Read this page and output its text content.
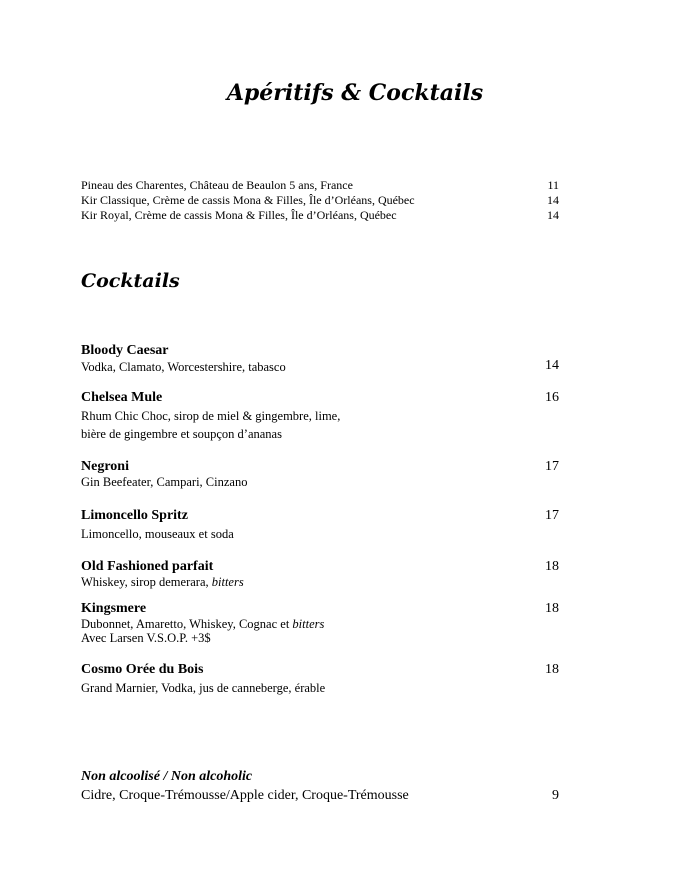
Apéritifs & Cocktails
Pineau des Charentes, Château de Beaulon 5 ans, France	11
Kir Classique, Crème de cassis Mona & Filles, Île d’Orléans, Québec	14
Kir Royal, Crème de cassis Mona & Filles, Île d’Orléans, Québec	14
Cocktails
Bloody Caesar
Vodka, Clamato, Worcestershire, tabasco	14
Chelsea Mule	16
Rhum Chic Choc, sirop de miel & gingembre, lime,
bière de gingembre et soupçon d’ananas
Negroni	17
Gin Beefeater, Campari, Cinzano
Limoncello Spritz	17
Limoncello, mouseaux et soda
Old Fashioned parfait	18
Whiskey, sirop demerara, bitters
Kingsmere	18
Dubonnet, Amaretto, Whiskey, Cognac et bitters
Avec Larsen V.S.O.P. +3$
Cosmo Orée du Bois	18
Grand Marnier, Vodka, jus de canneberge, érable
Non alcoolisé / Non alcoholic
Cidre, Croque-Trémousse/Apple cider, Croque-Trémousse	9
